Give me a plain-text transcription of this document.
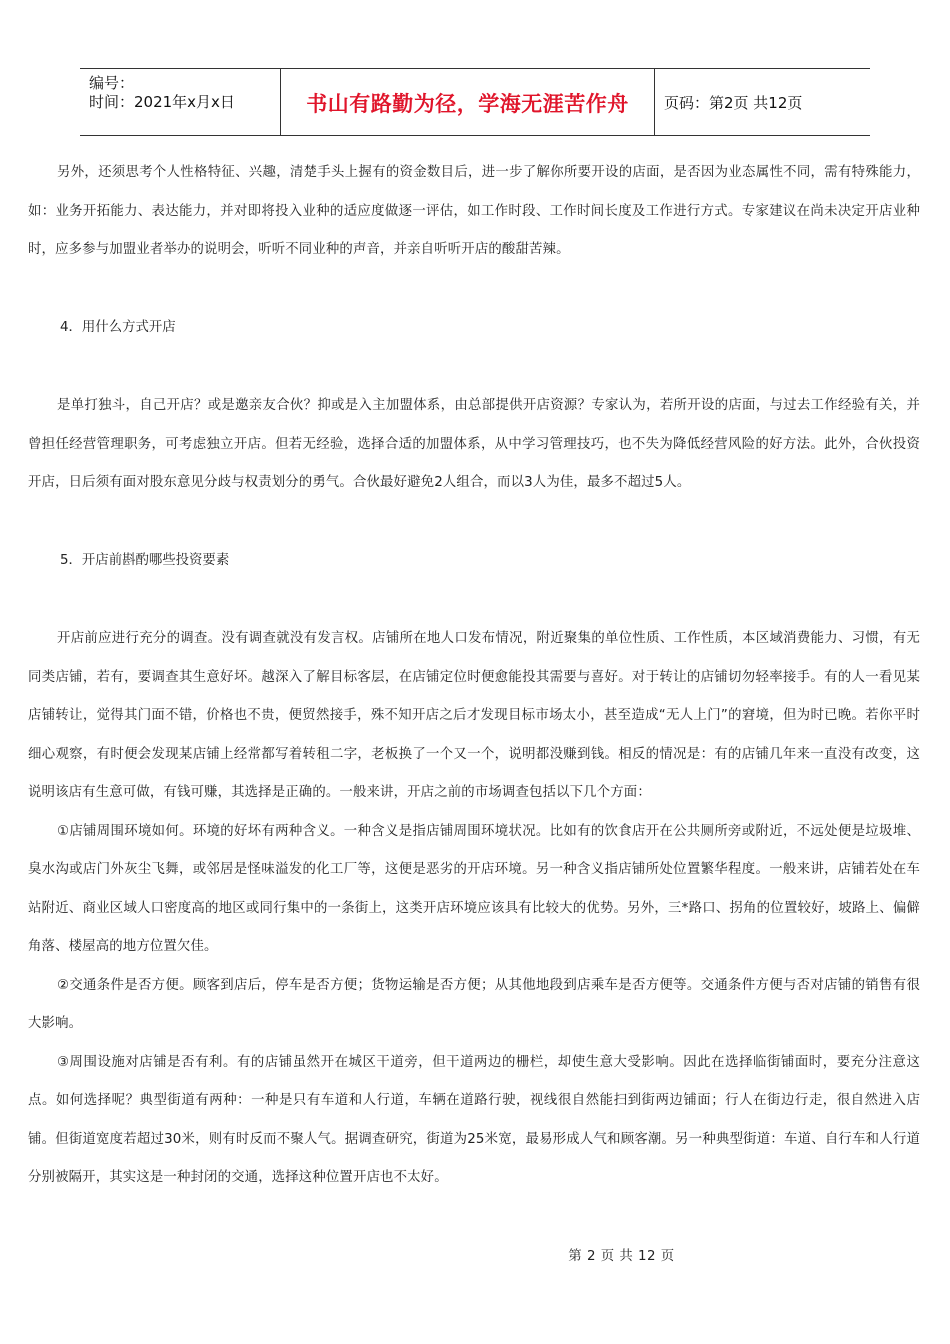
编号：
时间：2021年x月x日	书山有路勤为径，学海无涯苦作舟	页码：第2页 共12页

另外，还须思考个人性格特征、兴趣，清楚手头上握有的资金数目后，进一步了解你所要开设的店面，是否因为业态属性不同，需有特殊能力，如：业务开拓能力、表达能力，并对即将投入业种的适应度做逐一评估，如工作时段、工作时间长度及工作进行方式。专家建议在尚未决定开店业种时，应多参与加盟业者举办的说明会，听听不同业种的声音，并亲自听听开店的酸甜苦辣。

4．用什么方式开店

是单打独斗，自己开店？或是邀亲友合伙？抑或是入主加盟体系，由总部提供开店资源？专家认为，若所开设的店面，与过去工作经验有关，并曾担任经营管理职务，可考虑独立开店。但若无经验，选择合适的加盟体系，从中学习管理技巧，也不失为降低经营风险的好方法。此外，合伙投资开店，日后须有面对股东意见分歧与权责划分的勇气。合伙最好避免2人组合，而以3人为佳，最多不超过5人。

5．开店前斟酌哪些投资要素

开店前应进行充分的调查。没有调查就没有发言权。店铺所在地人口发布情况，附近聚集的单位性质、工作性质，本区域消费能力、习惯，有无同类店铺，若有，要调查其生意好坏。越深入了解目标客层，在店铺定位时便愈能投其需要与喜好。对于转让的店铺切勿轻率接手。有的人一看见某店铺转让，觉得其门面不错，价格也不贵，便贸然接手，殊不知开店之后才发现目标市场太小，甚至造成“无人上门”的窘境，但为时已晚。若你平时细心观察，有时便会发现某店铺上经常都写着转租二字，老板换了一个又一个，说明都没赚到钱。相反的情况是：有的店铺几年来一直没有改变，这说明该店有生意可做，有钱可赚，其选择是正确的。一般来讲，开店之前的市场调查包括以下几个方面：

①店铺周围环境如何。环境的好坏有两种含义。一种含义是指店铺周围环境状况。比如有的饮食店开在公共厕所旁或附近，不远处便是垃圾堆、臭水沟或店门外灰尘飞舞，或邻居是怪味溢发的化工厂等，这便是恶劣的开店环境。另一种含义指店铺所处位置繁华程度。一般来讲，店铺若处在车站附近、商业区域人口密度高的地区或同行集中的一条街上，这类开店环境应该具有比较大的优势。另外，三*路口、拐角的位置较好，坡路上、偏僻角落、楼屋高的地方位置欠佳。

②交通条件是否方便。顾客到店后，停车是否方便；货物运输是否方便；从其他地段到店乘车是否方便等。交通条件方便与否对店铺的销售有很大影响。

③周围设施对店铺是否有利。有的店铺虽然开在城区干道旁，但干道两边的栅栏，却使生意大受影响。因此在选择临街铺面时，要充分注意这点。如何选择呢？典型街道有两种：一种是只有车道和人行道，车辆在道路行驶，视线很自然能扫到街两边铺面；行人在街边行走，很自然进入店铺。但街道宽度若超过30米，则有时反而不聚人气。据调查研究，街道为25米宽，最易形成人气和顾客潮。另一种典型街道：车道、自行车和人行道分别被隔开，其实这是一种封闭的交通，选择这种位置开店也不太好。

第 2 页 共 12 页
